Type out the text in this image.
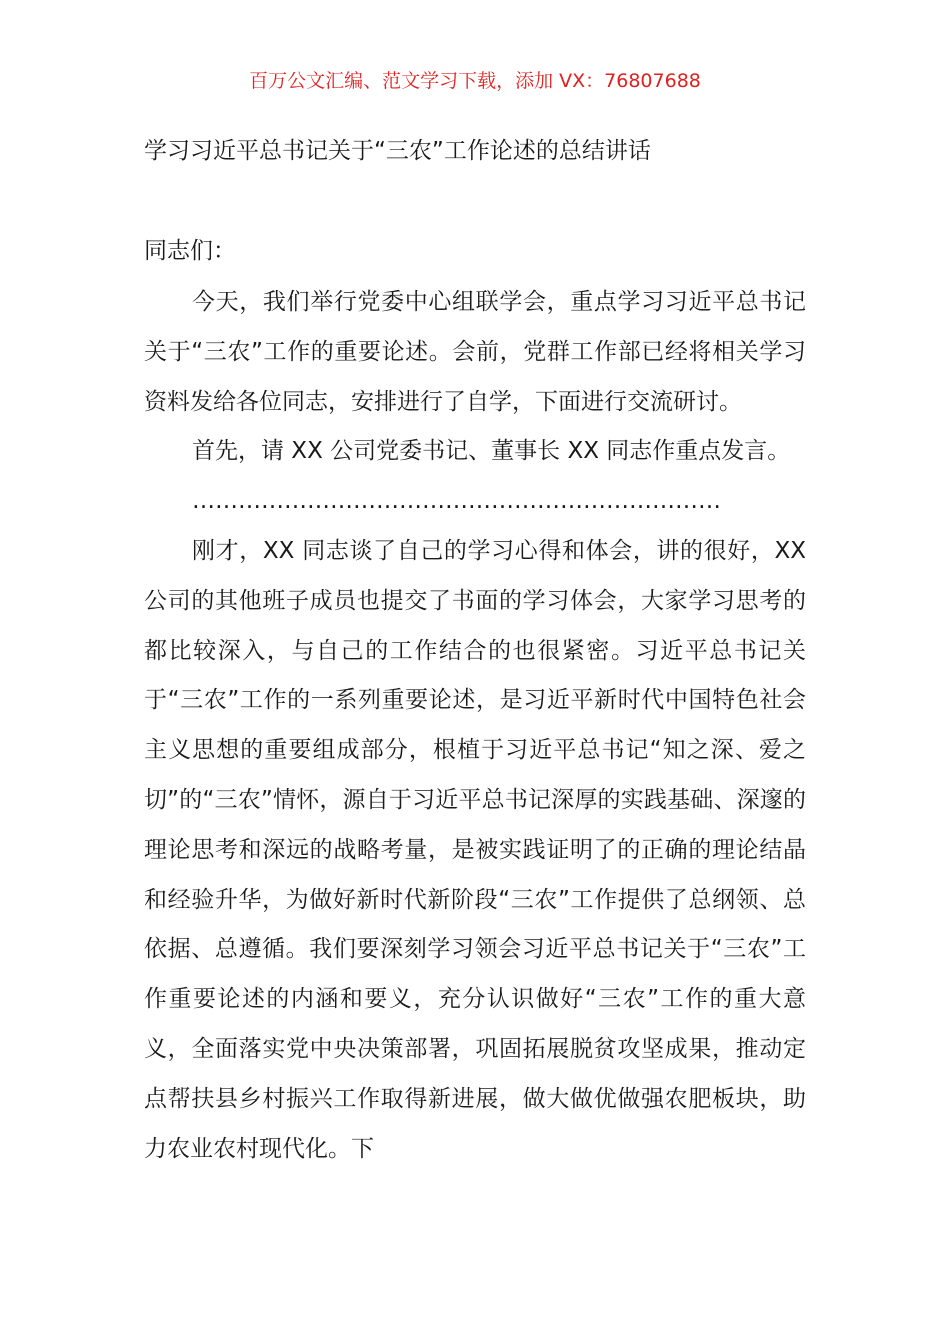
百万公文汇编、范文学习下载，添加 VX：76807688
学习习近平总书记关于“三农”工作论述的总结讲话
同志们：

今天，我们举行党委中心组联学会，重点学习习近平总书记关于“三农”工作的重要论述。会前，党群工作部已经将相关学习资料发给各位同志，安排进行了自学，下面进行交流研讨。

首先，请 XX 公司党委书记、董事长 XX 同志作重点发言。

……………………………………………………………

刚才，XX 同志谈了自己的学习心得和体会，讲的很好，XX 公司的其他班子成员也提交了书面的学习体会，大家学习思考的都比较深入，与自己的工作结合的也很紧密。习近平总书记关于“三农”工作的一系列重要论述，是习近平新时代中国特色社会主义思想的重要组成部分，根植于习近平总书记“知之深、爱之切”的“三农”情怀，源自于习近平总书记深厚的实践基础、深邃的理论思考和深远的战略考量，是被实践证明了的正确的理论结晶和经验升华，为做好新时代新阶段“三农”工作提供了总纲领、总依据、总遵循。我们要深刻学习领会习近平总书记关于“三农”工作重要论述的内涵和要义，充分认识做好“三农”工作的重大意义，全面落实党中央决策部署，巩固拓展脱贫攻坚成果，推动定点帮扶县乡村振兴工作取得新进展，做大做优做强农肥板块，助力农业农村现代化。下
